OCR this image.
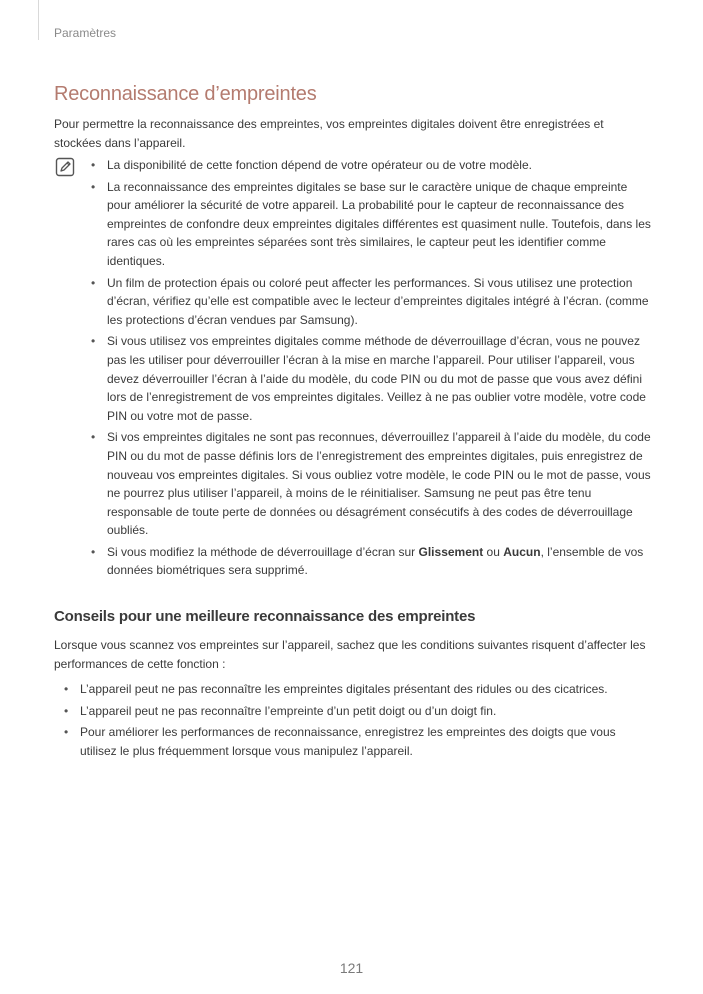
Paramètres
Reconnaissance d’empreintes

Pour permettre la reconnaissance des empreintes, vos empreintes digitales doivent être enregistrées et stockées dans l’appareil.

• La disponibilité de cette fonction dépend de votre opérateur ou de votre modèle.
• La reconnaissance des empreintes digitales se base sur le caractère unique de chaque empreinte pour améliorer la sécurité de votre appareil. La probabilité pour le capteur de reconnaissance des empreintes de confondre deux empreintes digitales différentes est quasiment nulle. Toutefois, dans les rares cas où les empreintes séparées sont très similaires, le capteur peut les identifier comme identiques.
• Un film de protection épais ou coloré peut affecter les performances. Si vous utilisez une protection d’écran, vérifiez qu’elle est compatible avec le lecteur d’empreintes digitales intégré à l’écran. (comme les protections d’écran vendues par Samsung).
• Si vous utilisez vos empreintes digitales comme méthode de déverrouillage d’écran, vous ne pouvez pas les utiliser pour déverrouiller l’écran à la mise en marche l’appareil. Pour utiliser l’appareil, vous devez déverrouiller l’écran à l’aide du modèle, du code PIN ou du mot de passe que vous avez défini lors de l’enregistrement de vos empreintes digitales. Veillez à ne pas oublier votre modèle, votre code PIN ou votre mot de passe.
• Si vos empreintes digitales ne sont pas reconnues, déverrouillez l’appareil à l’aide du modèle, du code PIN ou du mot de passe définis lors de l’enregistrement des empreintes digitales, puis enregistrez de nouveau vos empreintes digitales. Si vous oubliez votre modèle, le code PIN ou le mot de passe, vous ne pourrez plus utiliser l’appareil, à moins de le réinitialiser. Samsung ne peut pas être tenu responsable de toute perte de données ou désagrément consécutifs à des codes de déverrouillage oubliés.
• Si vous modifiez la méthode de déverrouillage d’écran sur Glissement ou Aucun, l’ensemble de vos données biométriques sera supprimé.
Conseils pour une meilleure reconnaissance des empreintes

Lorsque vous scannez vos empreintes sur l’appareil, sachez que les conditions suivantes risquent d’affecter les performances de cette fonction :

• L’appareil peut ne pas reconnaître les empreintes digitales présentant des ridules ou des cicatrices.
• L’appareil peut ne pas reconnaître l’empreinte d’un petit doigt ou d’un doigt fin.
• Pour améliorer les performances de reconnaissance, enregistrez les empreintes des doigts que vous utilisez le plus fréquemment lorsque vous manipulez l’appareil.
121
